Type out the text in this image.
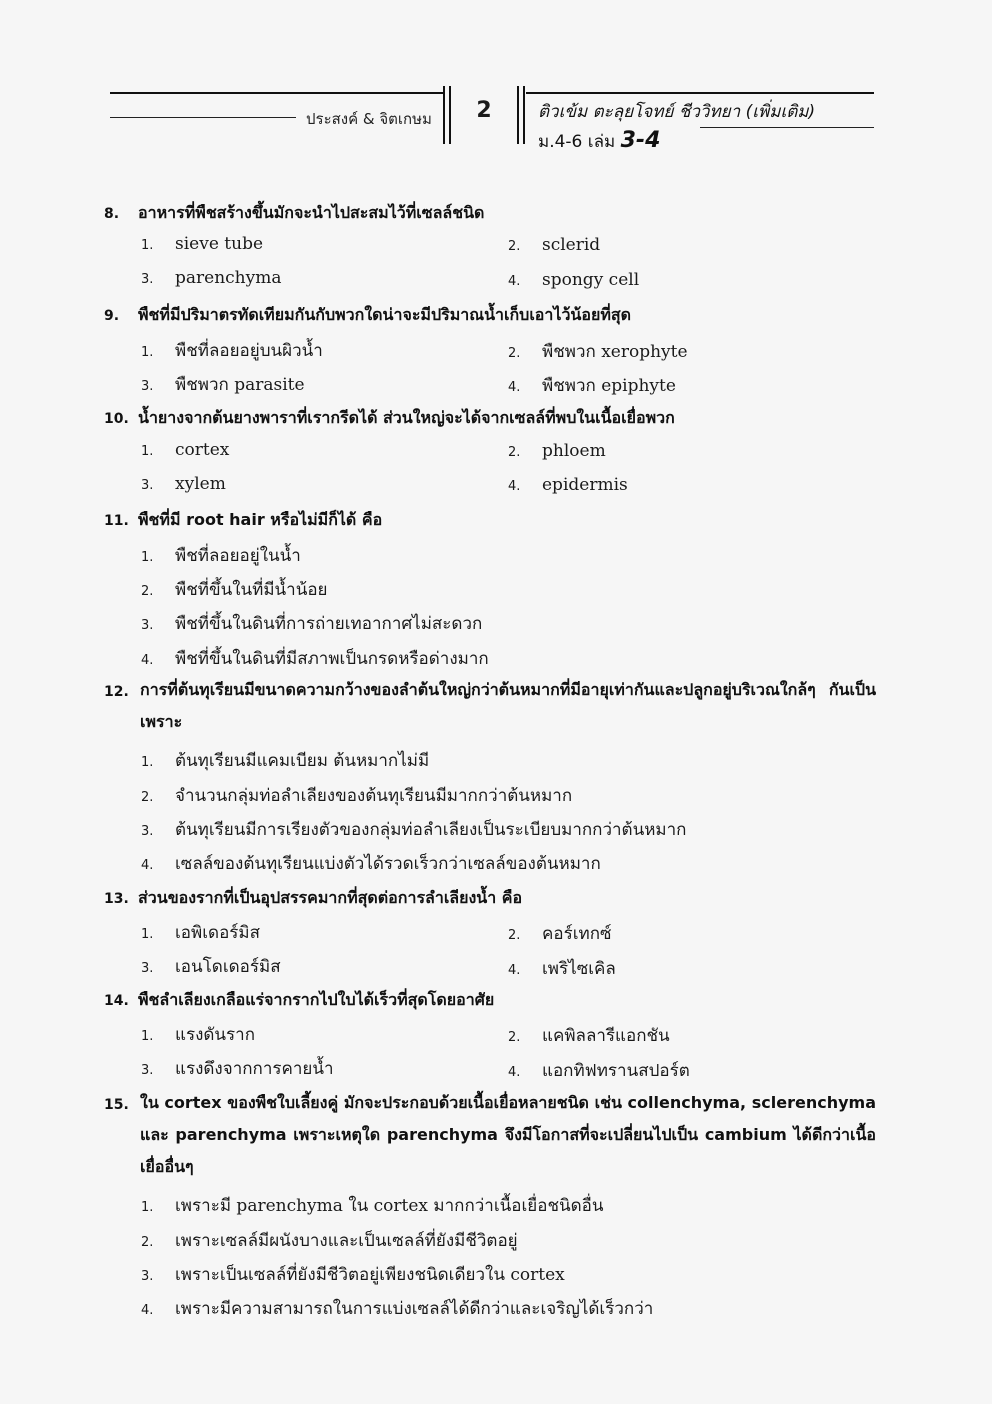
ประสงค์ & จิตเกษม	2	ติวเข้ม ตะลุยโจทย์ ชีววิทยา (เพิ่มเติม)
ม.4-6 เล่ม 3-4
8. อาหารที่พืชสร้างขึ้นมักจะนำไปสะสมไว้ที่เซลล์ชนิด
1. sieve tube	2. sclerid
3. parenchyma	4. spongy cell
9. พืชที่มีปริมาตรทัดเทียมกันกับพวกใดน่าจะมีปริมาณน้ำเก็บเอาไว้น้อยที่สุด
1. พืชที่ลอยอยู่บนผิวน้ำ	2. พืชพวก xerophyte
3. พืชพวก parasite	4. พืชพวก epiphyte
10. น้ำยางจากต้นยางพาราที่เรากรีดได้ ส่วนใหญ่จะได้จากเซลล์ที่พบในเนื้อเยื่อพวก
1. cortex	2. phloem
3. xylem	4. epidermis
11. พืชที่มี root hair หรือไม่มีก็ได้ คือ
1. พืชที่ลอยอยู่ในน้ำ
2. พืชที่ขึ้นในที่มีน้ำน้อย
3. พืชที่ขึ้นในดินที่การถ่ายเทอากาศไม่สะดวก
4. พืชที่ขึ้นในดินที่มีสภาพเป็นกรดหรือด่างมาก
12. การที่ต้นทุเรียนมีขนาดความกว้างของลำต้นใหญ่กว่าต้นหมากที่มีอายุเท่ากันและปลูกอยู่บริเวณใกล้ๆ กันเป็นเพราะ
1. ต้นทุเรียนมีแคมเบียม ต้นหมากไม่มี
2. จำนวนกลุ่มท่อลำเลียงของต้นทุเรียนมีมากกว่าต้นหมาก
3. ต้นทุเรียนมีการเรียงตัวของกลุ่มท่อลำเลียงเป็นระเบียบมากกว่าต้นหมาก
4. เซลล์ของต้นทุเรียนแบ่งตัวได้รวดเร็วกว่าเซลล์ของต้นหมาก
13. ส่วนของรากที่เป็นอุปสรรคมากที่สุดต่อการลำเลียงน้ำ คือ
1. เอพิเดอร์มิส	2. คอร์เทกซ์
3. เอนโดเดอร์มิส	4. เพริไซเคิล
14. พืชลำเลียงเกลือแร่จากรากไปใบได้เร็วที่สุดโดยอาศัย
1. แรงดันราก	2. แคพิลลารีแอกชัน
3. แรงดึงจากการคายน้ำ	4. แอกทิฟทรานสปอร์ต
15. ใน cortex ของพืชใบเลี้ยงคู่ มักจะประกอบด้วยเนื้อเยื่อหลายชนิด เช่น collenchyma, sclerenchyma และ parenchyma เพราะเหตุใด parenchyma จึงมีโอกาสที่จะเปลี่ยนไปเป็น cambium ได้ดีกว่าเนื้อเยื่ออื่นๆ
1. เพราะมี parenchyma ใน cortex มากกว่าเนื้อเยื่อชนิดอื่น
2. เพราะเซลล์มีผนังบางและเป็นเซลล์ที่ยังมีชีวิตอยู่
3. เพราะเป็นเซลล์ที่ยังมีชีวิตอยู่เพียงชนิดเดียวใน cortex
4. เพราะมีความสามารถในการแบ่งเซลล์ได้ดีกว่าและเจริญได้เร็วกว่า
